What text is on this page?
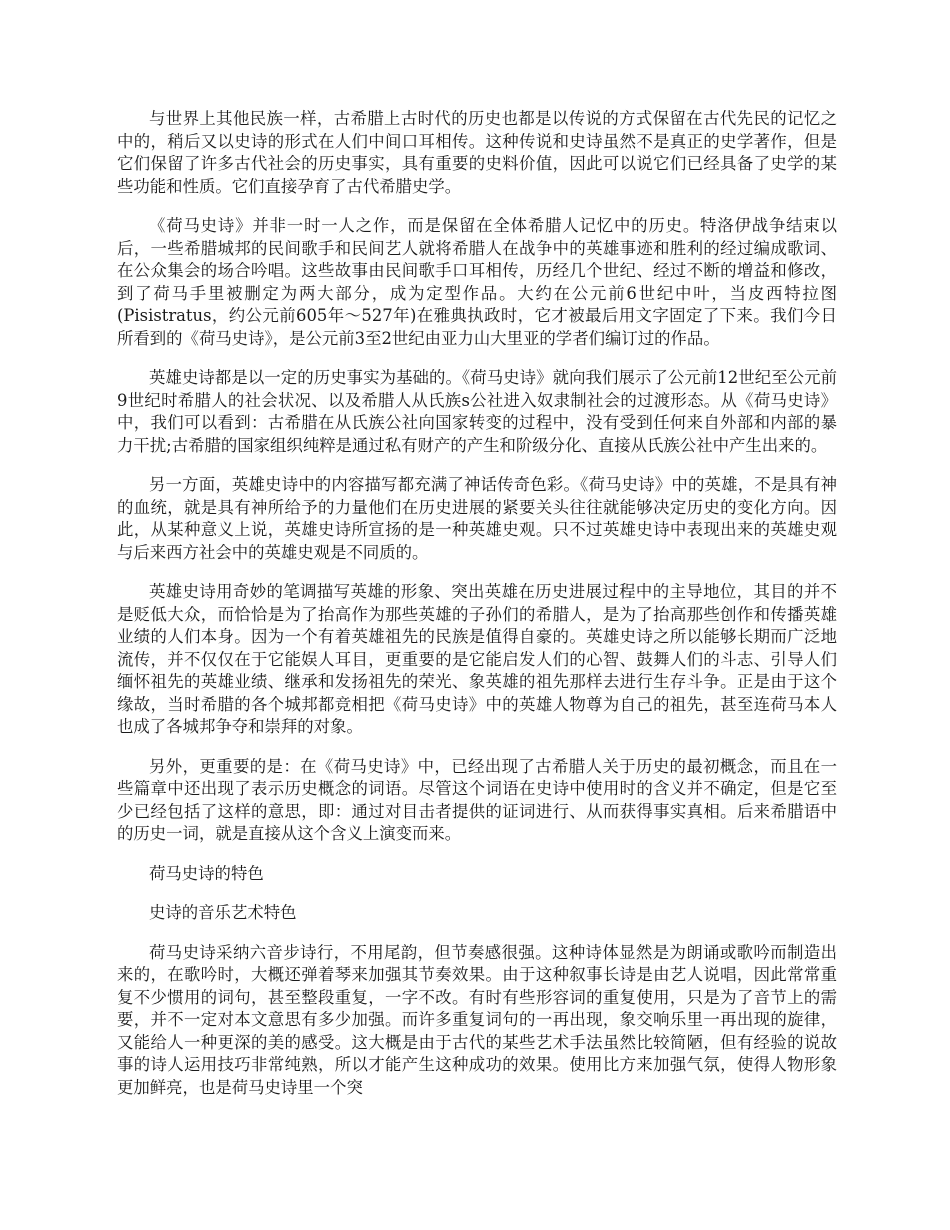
与世界上其他民族一样，古希腊上古时代的历史也都是以传说的方式保留在古代先民的记忆之中的，稍后又以史诗的形式在人们中间口耳相传。这种传说和史诗虽然不是真正的史学著作，但是它们保留了许多古代社会的历史事实，具有重要的史料价值，因此可以说它们已经具备了史学的某些功能和性质。它们直接孕育了古代希腊史学。

《荷马史诗》并非一时一人之作，而是保留在全体希腊人记忆中的历史。特洛伊战争结束以后，一些希腊城邦的民间歌手和民间艺人就将希腊人在战争中的英雄事迹和胜利的经过编成歌词、在公众集会的场合吟唱。这些故事由民间歌手口耳相传，历经几个世纪、经过不断的增益和修改，到了荷马手里被删定为两大部分，成为定型作品。大约在公元前6世纪中叶，当皮西特拉图(Pisistratus，约公元前605年～527年)在雅典执政时，它才被最后用文字固定了下来。我们今日所看到的《荷马史诗》，是公元前3至2世纪由亚力山大里亚的学者们编订过的作品。

英雄史诗都是以一定的历史事实为基础的。《荷马史诗》就向我们展示了公元前12世纪至公元前9世纪时希腊人的社会状况、以及希腊人从氏族s公社进入奴隶制社会的过渡形态。从《荷马史诗》中，我们可以看到：古希腊在从氏族公社向国家转变的过程中，没有受到任何来自外部和内部的暴力干扰;古希腊的国家组织纯粹是通过私有财产的产生和阶级分化、直接从氏族公社中产生出来的。

另一方面，英雄史诗中的内容描写都充满了神话传奇色彩。《荷马史诗》中的英雄，不是具有神的血统，就是具有神所给予的力量他们在历史进展的紧要关头往往就能够决定历史的变化方向。因此，从某种意义上说，英雄史诗所宣扬的是一种英雄史观。只不过英雄史诗中表现出来的英雄史观与后来西方社会中的英雄史观是不同质的。

英雄史诗用奇妙的笔调描写英雄的形象、突出英雄在历史进展过程中的主导地位，其目的并不是贬低大众，而恰恰是为了抬高作为那些英雄的子孙们的希腊人，是为了抬高那些创作和传播英雄业绩的人们本身。因为一个有着英雄祖先的民族是值得自豪的。英雄史诗之所以能够长期而广泛地流传，并不仅仅在于它能娱人耳目，更重要的是它能启发人们的心智、鼓舞人们的斗志、引导人们缅怀祖先的英雄业绩、继承和发扬祖先的荣光、象英雄的祖先那样去进行生存斗争。正是由于这个缘故，当时希腊的各个城邦都竞相把《荷马史诗》中的英雄人物尊为自己的祖先，甚至连荷马本人也成了各城邦争夺和崇拜的对象。

另外，更重要的是：在《荷马史诗》中，已经出现了古希腊人关于历史的最初概念，而且在一些篇章中还出现了表示历史概念的词语。尽管这个词语在史诗中使用时的含义并不确定，但是它至少已经包括了这样的意思，即：通过对目击者提供的证词进行、从而获得事实真相。后来希腊语中的历史一词，就是直接从这个含义上演变而来。

荷马史诗的特色

史诗的音乐艺术特色

荷马史诗采纳六音步诗行，不用尾韵，但节奏感很强。这种诗体显然是为朗诵或歌吟而制造出来的，在歌吟时，大概还弹着琴来加强其节奏效果。由于这种叙事长诗是由艺人说唱，因此常常重复不少惯用的词句，甚至整段重复，一字不改。有时有些形容词的重复使用，只是为了音节上的需要，并不一定对本文意思有多少加强。而许多重复词句的一再出现，象交响乐里一再出现的旋律，又能给人一种更深的美的感受。这大概是由于古代的某些艺术手法虽然比较简陋，但有经验的说故事的诗人运用技巧非常纯熟，所以才能产生这种成功的效果。使用比方来加强气氛，使得人物形象更加鲜亮，也是荷马史诗里一个突
